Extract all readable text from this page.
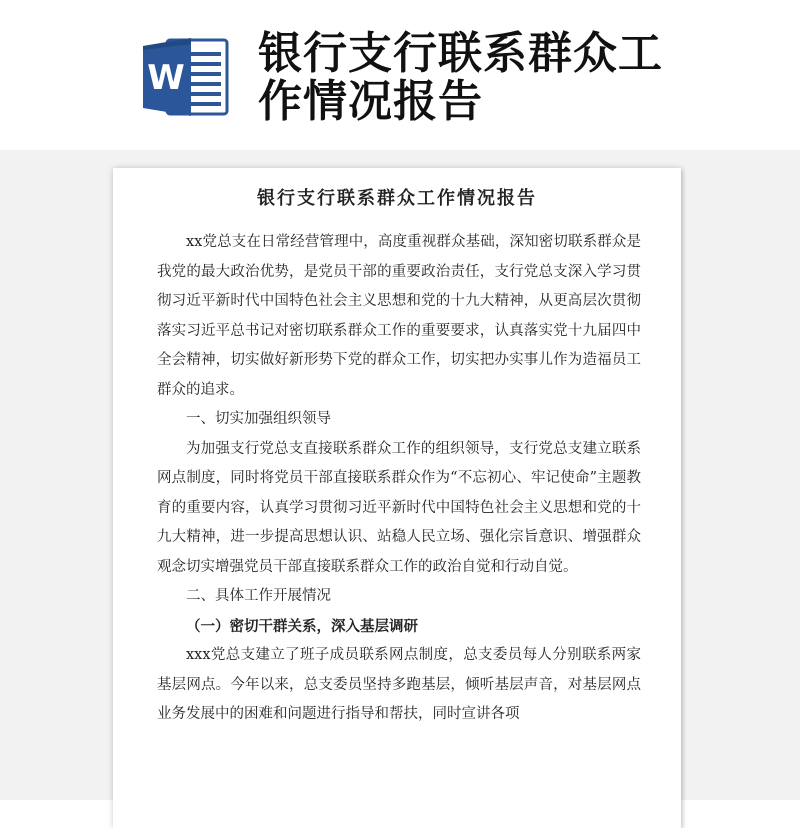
W 银行支行联系群众工作情况报告
银行支行联系群众工作情况报告

xx党总支在日常经营管理中，高度重视群众基础，深知密切联系群众是我党的最大政治优势，是党员干部的重要政治责任，支行党总支深入学习贯彻习近平新时代中国特色社会主义思想和党的十九大精神，从更高层次贯彻落实习近平总书记对密切联系群众工作的重要要求，认真落实党十九届四中全会精神，切实做好新形势下党的群众工作，切实把办实事儿作为造福员工群众的追求。

一、切实加强组织领导

为加强支行党总支直接联系群众工作的组织领导，支行党总支建立联系网点制度，同时将党员干部直接联系群众作为“不忘初心、牢记使命”主题教育的重要内容，认真学习贯彻习近平新时代中国特色社会主义思想和党的十九大精神，进一步提高思想认识、站稳人民立场、强化宗旨意识、增强群众观念切实增强党员干部直接联系群众工作的政治自觉和行动自觉。

二、具体工作开展情况

（一）密切干群关系，深入基层调研

xxx党总支建立了班子成员联系网点制度，总支委员每人分别联系两家基层网点。今年以来，总支委员坚持多跑基层，倾听基层声音，对基层网点业务发展中的困难和问题进行指导和帮扶，同时宣讲各项
